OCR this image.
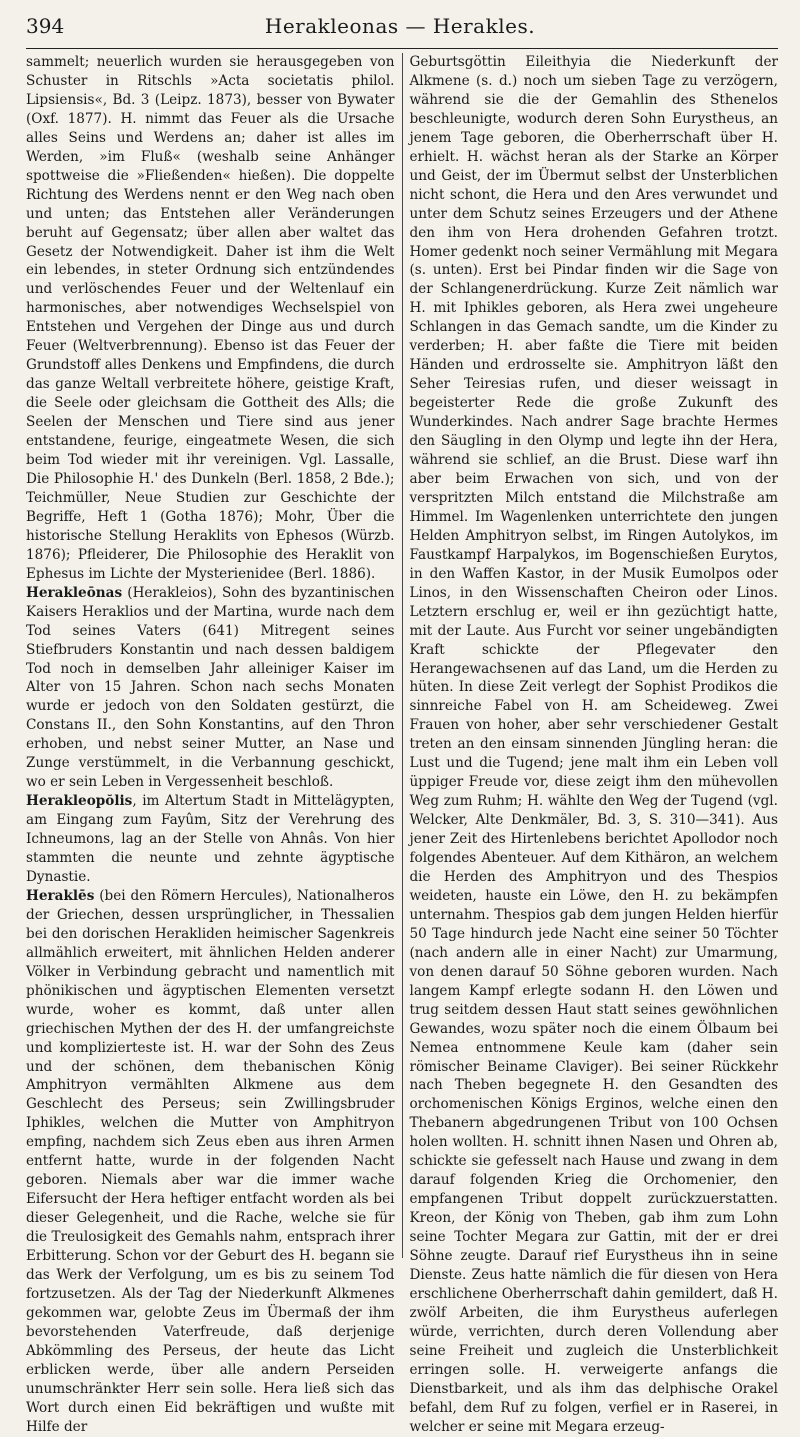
394	Herakleonas — Herakles.

sammelt; neuerlich wurden sie herausgegeben von Schuster in Ritschls »Acta societatis philol. Lipsiensis«, Bd. 3 (Leipz. 1873), besser von Bywater (Oxf. 1877). H. nimmt das Feuer als die Ursache alles Seins und Werdens an; daher ist alles im Werden, »im Fluß« (weshalb seine Anhänger spottweise die »Fließenden« hießen). Die doppelte Richtung des Werdens nennt er den Weg nach oben und unten; das Entstehen aller Veränderungen beruht auf Gegensatz; über allen aber waltet das Gesetz der Notwendigkeit. Daher ist ihm die Welt ein lebendes, in steter Ordnung sich entzündendes und verlöschendes Feuer und der Weltenlauf ein harmonisches, aber notwendiges Wechselspiel von Entstehen und Vergehen der Dinge aus und durch Feuer (Weltverbrennung). Ebenso ist das Feuer der Grundstoff alles Denkens und Empfindens, die durch das ganze Weltall verbreitete höhere, geistige Kraft, die Seele oder gleichsam die Gottheit des Alls; die Seelen der Menschen und Tiere sind aus jener entstandene, feurige, eingeatmete Wesen, die sich beim Tod wieder mit ihr vereinigen. Vgl. Lassalle, Die Philosophie H.' des Dunkeln (Berl. 1858, 2 Bde.); Teichmüller, Neue Studien zur Geschichte der Begriffe, Heft 1 (Gotha 1876); Mohr, Über die historische Stellung Heraklits von Ephesos (Würzb. 1876); Pfleiderer, Die Philosophie des Heraklit von Ephesus im Lichte der Mysterienidee (Berl. 1886).

Herakleōnas (Herakleios), Sohn des byzantinischen Kaisers Heraklios und der Martina, wurde nach dem Tod seines Vaters (641) Mitregent seines Stiefbruders Konstantin und nach dessen baldigem Tod noch in demselben Jahr alleiniger Kaiser im Alter von 15 Jahren. Schon nach sechs Monaten wurde er jedoch von den Soldaten gestürzt, die Constans II., den Sohn Konstantins, auf den Thron erhoben, und nebst seiner Mutter, an Nase und Zunge verstümmelt, in die Verbannung geschickt, wo er sein Leben in Vergessenheit beschloß.

Herakleopŏlis, im Altertum Stadt in Mittelägypten, am Eingang zum Fayûm, Sitz der Verehrung des Ichneumons, lag an der Stelle von Ahnâs. Von hier stammten die neunte und zehnte ägyptische Dynastie.

Heraklēs (bei den Römern Hercules), Nationalheros der Griechen, dessen ursprünglicher, in Thessalien bei den dorischen Herakliden heimischer Sagenkreis allmählich erweitert, mit ähnlichen Helden anderer Völker in Verbindung gebracht und namentlich mit phönikischen und ägyptischen Elementen versetzt wurde, woher es kommt, daß unter allen griechischen Mythen der des H. der umfangreichste und komplizierteste ist. H. war der Sohn des Zeus und der schönen, dem thebanischen König Amphitryon vermählten Alkmene aus dem Geschlecht des Perseus; sein Zwillingsbruder Iphikles, welchen die Mutter von Amphitryon empfing, nachdem sich Zeus eben aus ihren Armen entfernt hatte, wurde in der folgenden Nacht geboren. Niemals aber war die immer wache Eifersucht der Hera heftiger entfacht worden als bei dieser Gelegenheit, und die Rache, welche sie für die Treulosigkeit des Gemahls nahm, entsprach ihrer Erbitterung. Schon vor der Geburt des H. begann sie das Werk der Verfolgung, um es bis zu seinem Tod fortzusetzen. Als der Tag der Niederkunft Alkmenes gekommen war, gelobte Zeus im Übermaß der ihm bevorstehenden Vaterfreude, daß derjenige Abkömmling des Perseus, der heute das Licht erblicken werde, über alle andern Perseiden unumschränkter Herr sein solle. Hera ließ sich das Wort durch einen Eid bekräftigen und wußte mit Hilfe der

Geburtsgöttin Eileithyia die Niederkunft der Alkmene (s. d.) noch um sieben Tage zu verzögern, während sie die der Gemahlin des Sthenelos beschleunigte, wodurch deren Sohn Eurystheus, an jenem Tage geboren, die Oberherrschaft über H. erhielt. H. wächst heran als der Starke an Körper und Geist, der im Übermut selbst der Unsterblichen nicht schont, die Hera und den Ares verwundet und unter dem Schutz seines Erzeugers und der Athene den ihm von Hera drohenden Gefahren trotzt. Homer gedenkt noch seiner Vermählung mit Megara (s. unten). Erst bei Pindar finden wir die Sage von der Schlangenerdrückung. Kurze Zeit nämlich war H. mit Iphikles geboren, als Hera zwei ungeheure Schlangen in das Gemach sandte, um die Kinder zu verderben; H. aber faßte die Tiere mit beiden Händen und erdrosselte sie. Amphitryon läßt den Seher Teiresias rufen, und dieser weissagt in begeisterter Rede die große Zukunft des Wunderkindes. Nach andrer Sage brachte Hermes den Säugling in den Olymp und legte ihn der Hera, während sie schlief, an die Brust. Diese warf ihn aber beim Erwachen von sich, und von der verspritzten Milch entstand die Milchstraße am Himmel. Im Wagenlenken unterrichtete den jungen Helden Amphitryon selbst, im Ringen Autolykos, im Faustkampf Harpalykos, im Bogenschießen Eurytos, in den Waffen Kastor, in der Musik Eumolpos oder Linos, in den Wissenschaften Cheiron oder Linos. Letztern erschlug er, weil er ihn gezüchtigt hatte, mit der Laute. Aus Furcht vor seiner ungebändigten Kraft schickte der Pflegevater den Herangewachsenen auf das Land, um die Herden zu hüten. In diese Zeit verlegt der Sophist Prodikos die sinnreiche Fabel von H. am Scheideweg. Zwei Frauen von hoher, aber sehr verschiedener Gestalt treten an den einsam sinnenden Jüngling heran: die Lust und die Tugend; jene malt ihm ein Leben voll üppiger Freude vor, diese zeigt ihm den mühevollen Weg zum Ruhm; H. wählte den Weg der Tugend (vgl. Welcker, Alte Denkmäler, Bd. 3, S. 310—341). Aus jener Zeit des Hirtenlebens berichtet Apollodor noch folgendes Abenteuer. Auf dem Kithäron, an welchem die Herden des Amphitryon und des Thespios weideten, hauste ein Löwe, den H. zu bekämpfen unternahm. Thespios gab dem jungen Helden hierfür 50 Tage hindurch jede Nacht eine seiner 50 Töchter (nach andern alle in einer Nacht) zur Umarmung, von denen darauf 50 Söhne geboren wurden. Nach langem Kampf erlegte sodann H. den Löwen und trug seitdem dessen Haut statt seines gewöhnlichen Gewandes, wozu später noch die einem Ölbaum bei Nemea entnommene Keule kam (daher sein römischer Beiname Claviger). Bei seiner Rückkehr nach Theben begegnete H. den Gesandten des orchomenischen Königs Erginos, welche einen den Thebanern abgedrungenen Tribut von 100 Ochsen holen wollten. H. schnitt ihnen Nasen und Ohren ab, schickte sie gefesselt nach Hause und zwang in dem darauf folgenden Krieg die Orchomenier, den empfangenen Tribut doppelt zurückzuerstatten. Kreon, der König von Theben, gab ihm zum Lohn seine Tochter Megara zur Gattin, mit der er drei Söhne zeugte. Darauf rief Eurystheus ihn in seine Dienste. Zeus hatte nämlich die für diesen von Hera erschlichene Oberherrschaft dahin gemildert, daß H. zwölf Arbeiten, die ihm Eurystheus auferlegen würde, verrichten, durch deren Vollendung aber seine Freiheit und zugleich die Unsterblichkeit erringen solle. H. verweigerte anfangs die Dienstbarkeit, und als ihm das delphische Orakel befahl, dem Ruf zu folgen, verfiel er in Raserei, in welcher er seine mit Megara erzeug-
